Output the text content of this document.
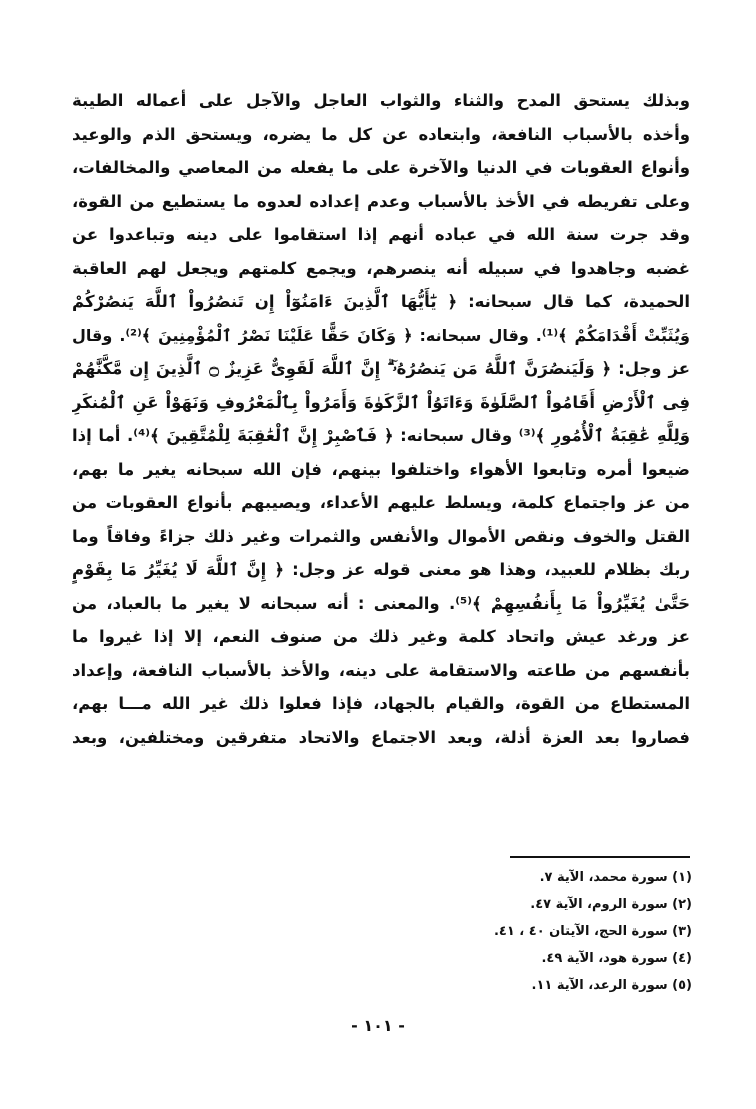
وبذلك يستحق المدح والثناء والثواب العاجل والآجل على أعماله الطيبة
وأخذه بالأسباب النافعة، وابتعاده عن كل ما يضره، ويستحق الذم والوعيد
وأنواع العقوبات في الدنيا والآخرة على ما يفعله من المعاصي والمخالفات،
وعلى تفريطه في الأخذ بالأسباب وعدم إعداده لعدوه ما يستطيع من القوة،
وقد جرت سنة الله في عباده أنهم إذا استقاموا على دينه وتباعدوا عن
غضبه وجاهدوا في سبيله أنه ينصرهم، ويجمع كلمتهم ويجعل لهم العاقبة
الحميدة، كما قال سبحانه: ﴿ يَٰٓأَيُّهَا ٱلَّذِينَ ءَامَنُوٓاْ إِن تَنصُرُواْ ٱللَّهَ يَنصُرْكُمْ
وَيُثَبِّتْ أَقْدَامَكُمْ ﴾⁽¹⁾. وقال سبحانه: ﴿ وَكَانَ حَقًّا عَلَيْنَا نَصْرُ ٱلْمُؤْمِنِينَ ﴾⁽²⁾. وقال
عز وجل: ﴿ وَلَيَنصُرَنَّ ٱللَّهُ مَن يَنصُرُهُۥٓ ۗ إِنَّ ٱللَّهَ لَقَوِىٌّ عَزِيزٌ ۝ ٱلَّذِينَ إِن مَّكَّنَّٰهُمْ
فِى ٱلْأَرْضِ أَقَامُواْ ٱلصَّلَوٰةَ وَءَاتَوُاْ ٱلزَّكَوٰةَ وَأَمَرُواْ بِٱلْمَعْرُوفِ وَنَهَوْاْ عَنِ ٱلْمُنكَرِ
وَلِلَّهِ عَٰقِبَةُ ٱلْأُمُورِ ﴾⁽³⁾ وقال سبحانه: ﴿ فَٱصْبِرْ إِنَّ ٱلْعَٰقِبَةَ لِلْمُتَّقِينَ ﴾⁽⁴⁾. أما إذا
ضيعوا أمره وتابعوا الأهواء واختلفوا بينهم، فإن الله سبحانه يغير ما بهم،
من عز واجتماع كلمة، ويسلط عليهم الأعداء، ويصيبهم بأنواع العقوبات من
القتل والخوف ونقص الأموال والأنفس والثمرات وغير ذلك جزاءً وفاقاً وما
ربك بظلام للعبيد، وهذا هو معنى قوله عز وجل: ﴿ إِنَّ ٱللَّهَ لَا يُغَيِّرُ مَا بِقَوْمٍ
حَتَّىٰ يُغَيِّرُواْ مَا بِأَنفُسِهِمْ ﴾⁽⁵⁾. والمعنى : أنه سبحانه لا يغير ما بالعباد، من
عز ورغد عيش واتحاد كلمة وغير ذلك من صنوف النعم، إلا إذا غيروا ما
بأنفسهم من طاعته والاستقامة على دينه، والأخذ بالأسباب النافعة، وإعداد
المستطاع من القوة، والقيام بالجهاد، فإذا فعلوا ذلك غير الله مـــا بهم،
فصاروا بعد العزة أذلة، وبعد الاجتماع والاتحاد متفرقين ومختلفين، وبعد
(١) سورة محمد، الآية ٧.
(٢) سورة الروم، الآية ٤٧.
(٣) سورة الحج، الآيتان ٤٠ ، ٤١.
(٤) سورة هود، الآية ٤٩.
(٥) سورة الرعد، الآية ١١.
- ١٠١ -
